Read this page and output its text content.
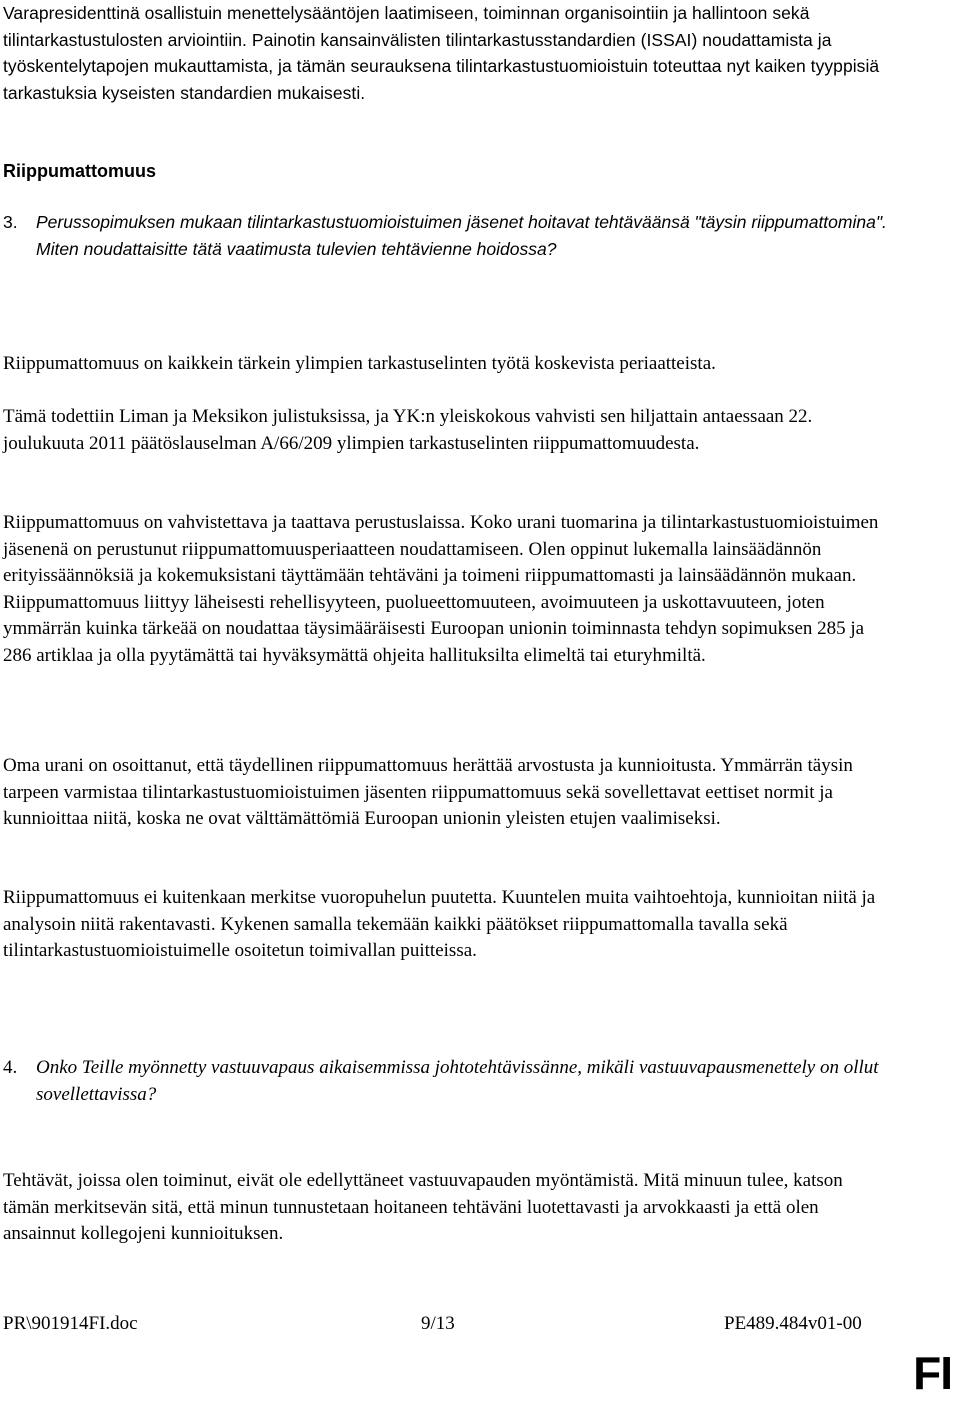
Varapresidenttinä osallistuin menettelysääntöjen laatimiseen, toiminnan organisointiin ja hallintoon sekä tilintarkastustulosten arviointiin. Painotin kansainvälisten tilintarkastusstandardien (ISSAI) noudattamista ja työskentelytapojen mukauttamista, ja tämän seurauksena tilintarkastustuomioistuin toteuttaa nyt kaiken tyyppisiä tarkastuksia kyseisten standardien mukaisesti.

Riippumattomuus
3.	Perussopimuksen mukaan tilintarkastustuomioistuimen jäsenet hoitavat tehtäväänsä "täysin riippumattomina". Miten noudattaisitte tätä vaatimusta tulevien tehtävienne hoidossa?

Riippumattomuus on kaikkein tärkein ylimpien tarkastuselinten työtä koskevista periaatteista.

Tämä todettiin Liman ja Meksikon julistuksissa, ja YK:n yleiskokous vahvisti sen hiljattain antaessaan 22. joulukuuta 2011 päätöslauselman A/66/209 ylimpien tarkastuselinten riippumattomuudesta.

Riippumattomuus on vahvistettava ja taattava perustuslaissa. Koko urani tuomarina ja tilintarkastustuomioistuimen jäsenenä on perustunut riippumattomuusperiaatteen noudattamiseen. Olen oppinut lukemalla lainsäädännön erityissäännöksiä ja kokemuksistani täyttämään tehtäväni ja toimeni riippumattomasti ja lainsäädännön mukaan. Riippumattomuus liittyy läheisesti rehellisyyteen, puolueettomuuteen, avoimuuteen ja uskottavuuteen, joten ymmärrän kuinka tärkeää on noudattaa täysimääräisesti Euroopan unionin toiminnasta tehdyn sopimuksen 285 ja 286 artiklaa ja olla pyytämättä tai hyväksymättä ohjeita hallituksilta elimeltä tai eturyhmiltä.

Oma urani on osoittanut, että täydellinen riippumattomuus herättää arvostusta ja kunnioitusta. Ymmärrän täysin tarpeen varmistaa tilintarkastustuomioistuimen jäsenten riippumattomuus sekä sovellettavat eettiset normit ja kunnioittaa niitä, koska ne ovat välttämättömiä Euroopan unionin yleisten etujen vaalimiseksi.

Riippumattomuus ei kuitenkaan merkitse vuoropuhelun puutetta. Kuuntelen muita vaihtoehtoja, kunnioitan niitä ja analysoin niitä rakentavasti. Kykenen samalla tekemään kaikki päätökset riippumattomalla tavalla sekä tilintarkastustuomioistuimelle osoitetun toimivallan puitteissa.

4. Onko Teille myönnetty vastuuvapaus aikaisemmissa johtotehtävissänne, mikäli vastuuvapausmenettely on ollut sovellettavissa?

Tehtävät, joissa olen toiminut, eivät ole edellyttäneet vastuuvapauden myöntämistä. Mitä minuun tulee, katson tämän merkitsevän sitä, että minun tunnustetaan hoitaneen tehtäväni luotettavasti ja arvokkaasti ja että olen ansainnut kollegojeni kunnioituksen.

PR\901914FI.doc	9/13	PE489.484v01-00
FI
